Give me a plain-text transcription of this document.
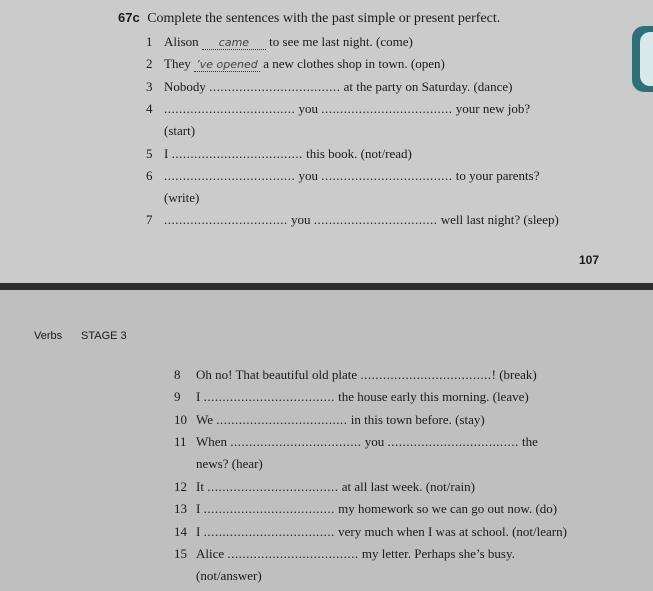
67c Complete the sentences with the past simple or present perfect.
1 Alison came to see me last night. (come)
2 They ’ve opened a new clothes shop in town. (open)
3 Nobody ................................... at the party on Saturday. (dance)
4 ................................... you ................................... your new job?
(start)
5 I ................................... this book. (not/read)
6 ................................... you ................................... to your parents?
(write)
7 ................................. you ................................. well last night? (sleep)
107
Verbs STAGE 3
8 Oh no! That beautiful old plate ...................................! (break)
9 I ................................... the house early this morning. (leave)
10 We ................................... in this town before. (stay)
11 When ................................... you ................................... the
news? (hear)
12 It ................................... at all last week. (not/rain)
13 I ................................... my homework so we can go out now. (do)
14 I ................................... very much when I was at school. (not/learn)
15 Alice ................................... my letter. Perhaps she’s busy.
(not/answer)
